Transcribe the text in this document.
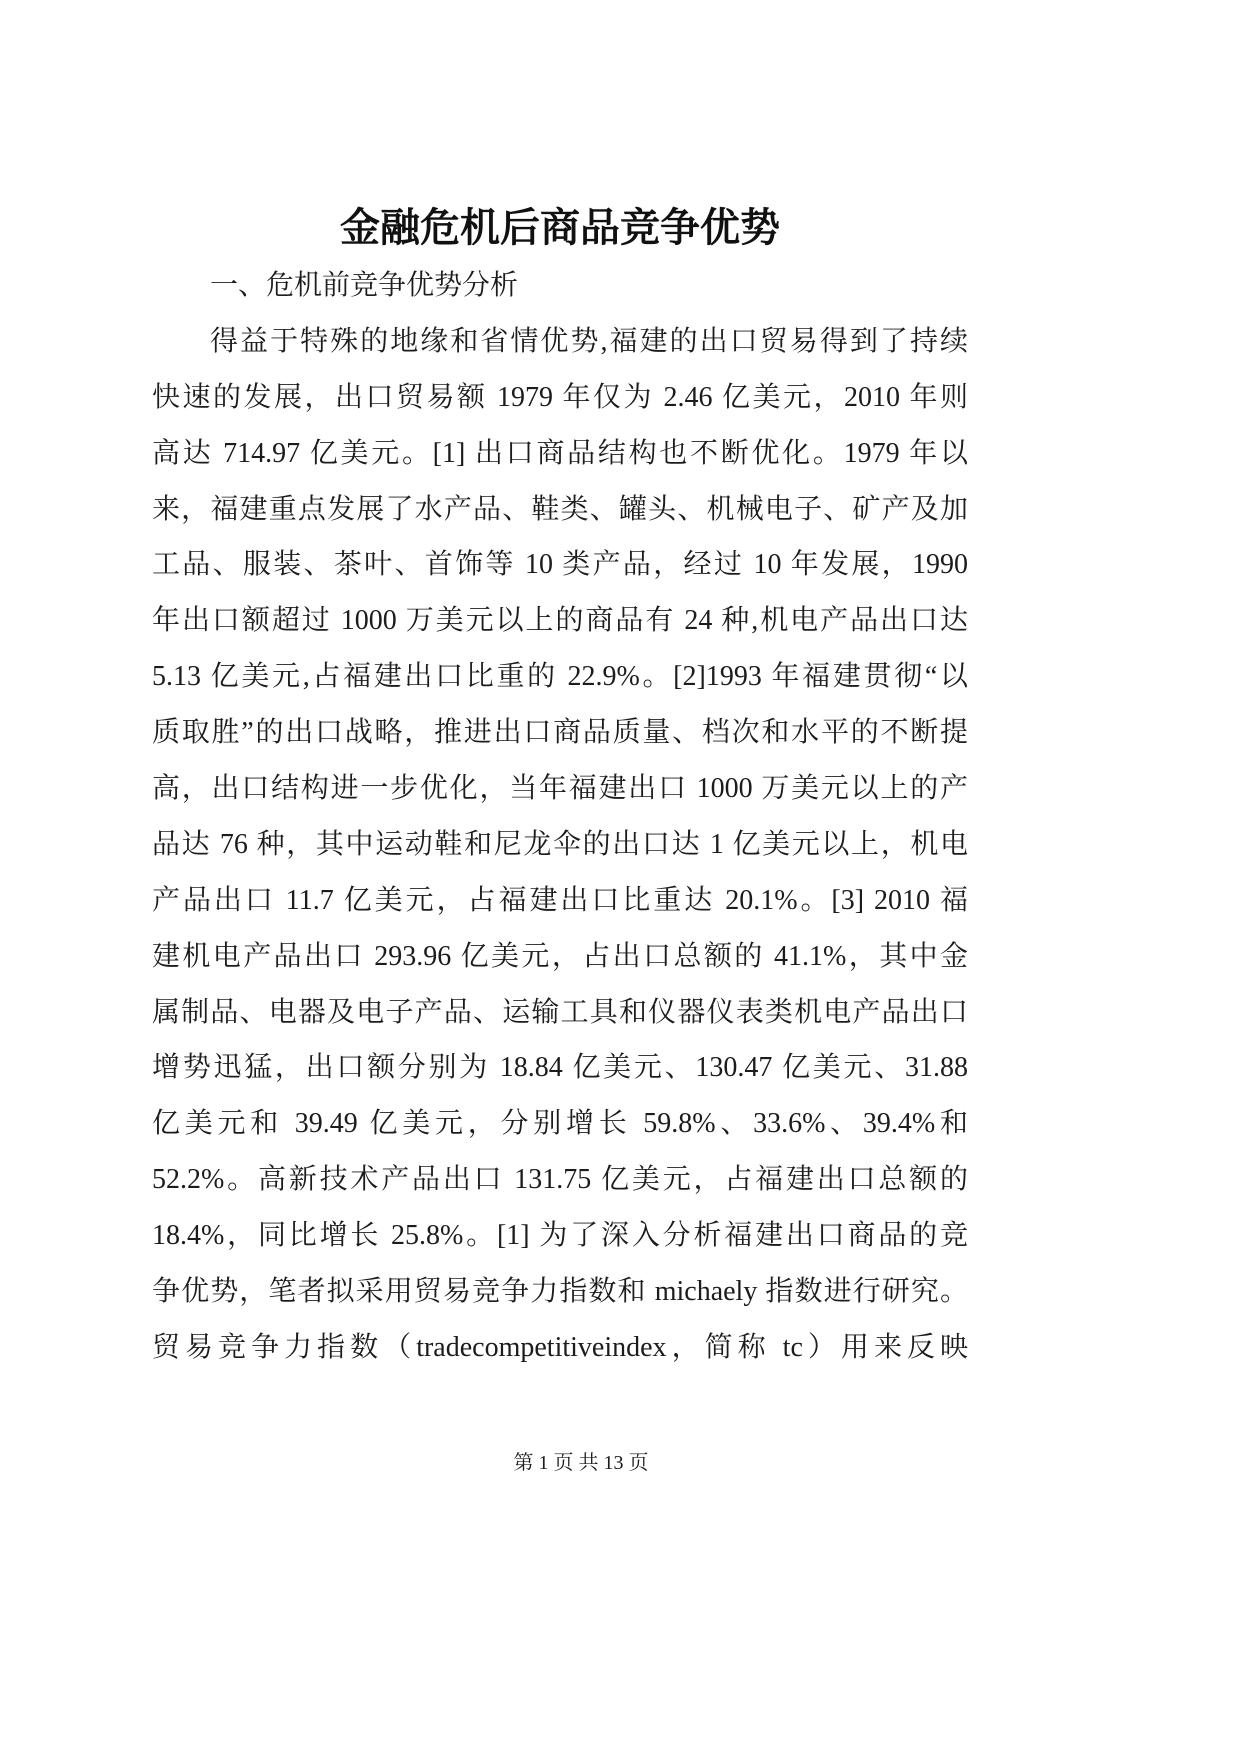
金融危机后商品竞争优势
一、危机前竞争优势分析
得益于特殊的地缘和省情优势,福建的出口贸易得到了持续
快速的发展，出口贸易额 1979 年仅为 2.46 亿美元，2010 年则
高达 714.97 亿美元。[1] 出口商品结构也不断优化。1979 年以
来，福建重点发展了水产品、鞋类、罐头、机械电子、矿产及加
工品、服装、茶叶、首饰等 10 类产品，经过 10 年发展，1990
年出口额超过 1000 万美元以上的商品有 24 种,机电产品出口达
5.13 亿美元,占福建出口比重的 22.9%。[2]1993 年福建贯彻“以
质取胜”的出口战略，推进出口商品质量、档次和水平的不断提
高，出口结构进一步优化，当年福建出口 1000 万美元以上的产
品达 76 种，其中运动鞋和尼龙伞的出口达 1 亿美元以上，机电
产品出口 11.7 亿美元，占福建出口比重达 20.1%。[3] 2010 福
建机电产品出口 293.96 亿美元，占出口总额的 41.1%，其中金
属制品、电器及电子产品、运输工具和仪器仪表类机电产品出口
增势迅猛，出口额分别为 18.84 亿美元、130.47 亿美元、31.88
亿美元和 39.49 亿美元，分别增长 59.8%、33.6%、39.4%和
52.2%。高新技术产品出口 131.75 亿美元，占福建出口总额的
18.4%，同比增长 25.8%。[1] 为了深入分析福建出口商品的竞
争优势，笔者拟采用贸易竞争力指数和 michaely 指数进行研究。
贸易竞争力指数（tradecompetitiveindex，简称 tc）用来反映
第 1 页 共 13 页
